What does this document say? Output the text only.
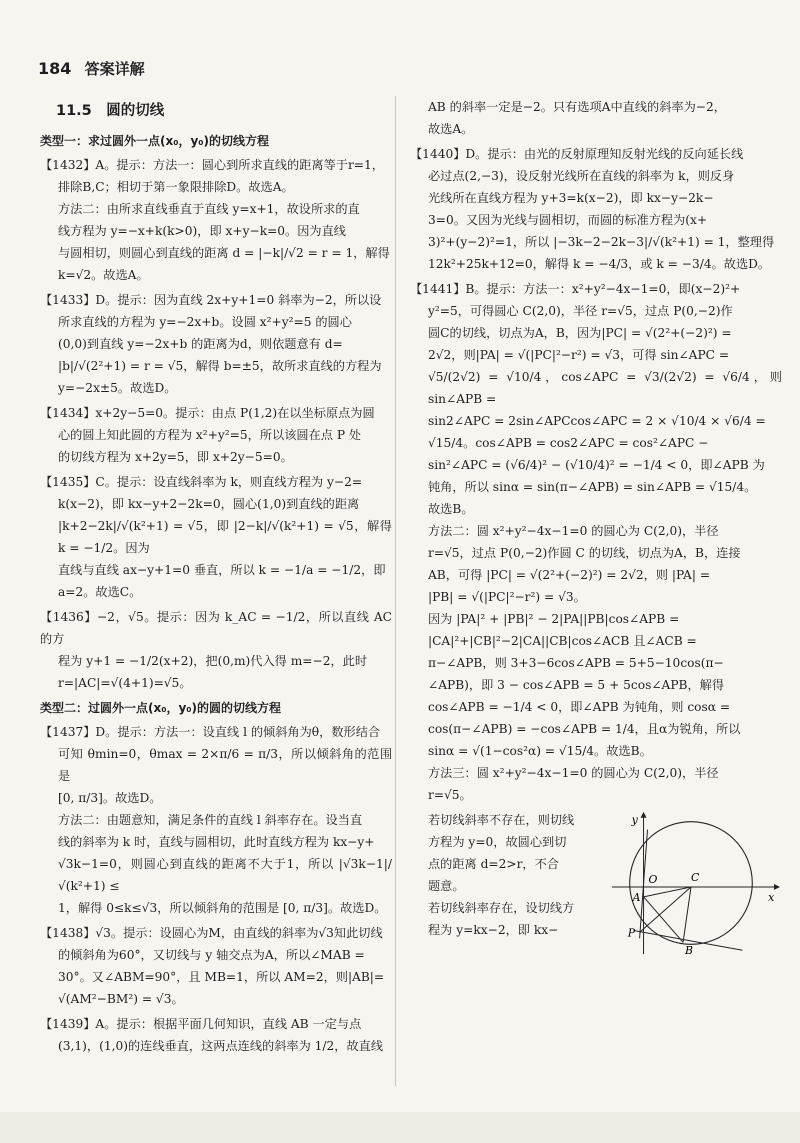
184 答案详解
11.5　圆的切线
类型一：求过圆外一点(x₀，y₀)的切线方程

【1432】A。提示：方法一：圆心到所求直线的距离等于r=1，

排除B,C；相切于第一象限排除D。故选A。

方法二：由所求直线垂直于直线 y=x+1，故设所求的直

线方程为 y=−x+k(k>0)，即 x+y−k=0。因为直线

与圆相切，则圆心到直线的距离 d = |−k|/√2 = r = 1，解得

k=√2。故选A。

【1433】D。提示：因为直线 2x+y+1=0 斜率为−2，所以设

所求直线的方程为 y=−2x+b。设圆 x²+y²=5 的圆心

(0,0)到直线 y=−2x+b 的距离为d，则依题意有 d=

|b|/√(2²+1) = r = √5，解得 b=±5，故所求直线的方程为

y=−2x±5。故选D。

【1434】x+2y−5=0。提示：由点 P(1,2)在以坐标原点为圆

心的圆上知此圆的方程为 x²+y²=5，所以该圆在点 P 处

的切线方程为 x+2y=5，即 x+2y−5=0。

【1435】C。提示：设直线斜率为 k，则直线方程为 y−2=

k(x−2)，即 kx−y+2−2k=0，圆心(1,0)到直线的距离

|k+2−2k|/√(k²+1) = √5，即 |2−k|/√(k²+1) = √5，解得 k = −1/2。因为

直线与直线 ax−y+1=0 垂直，所以 k = −1/a = −1/2，即

a=2。故选C。

【1436】−2，√5。提示：因为 k_AC = −1/2，所以直线 AC 的方

程为 y+1 = −1/2(x+2)，把(0,m)代入得 m=−2，此时

r=|AC|=√(4+1)=√5。

类型二：过圆外一点(x₀，y₀)的圆的切线方程

【1437】D。提示：方法一：设直线 l 的倾斜角为θ，数形结合

可知 θmin=0，θmax = 2×π/6 = π/3，所以倾斜角的范围是

[0, π/3]。故选D。

方法二：由题意知，满足条件的直线 l 斜率存在。设当直

线的斜率为 k 时，直线与圆相切，此时直线方程为 kx−y+

√3k−1=0，则圆心到直线的距离不大于1，所以 |√3k−1|/√(k²+1) ≤

1，解得 0≤k≤√3，所以倾斜角的范围是 [0, π/3]。故选D。

【1438】√3。提示：设圆心为M，由直线的斜率为√3知此切线

的倾斜角为60°，又切线与 y 轴交点为A，所以∠MAB =

30°。又∠ABM=90°，且 MB=1，所以 AM=2，则|AB|=

√(AM²−BM²) = √3。

【1439】A。提示：根据平面几何知识，直线 AB 一定与点

(3,1)，(1,0)的连线垂直，这两点连线的斜率为 1/2，故直线

AB 的斜率一定是−2。只有选项A中直线的斜率为−2，

故选A。

【1440】D。提示：由光的反射原理知反射光线的反向延长线

必过点(2,−3)，设反射光线所在直线的斜率为 k，则反身

光线所在直线方程为 y+3=k(x−2)，即 kx−y−2k−

3=0。又因为光线与圆相切，而圆的标准方程为(x+

3)²+(y−2)²=1，所以 |−3k−2−2k−3|/√(k²+1) = 1，整理得

12k²+25k+12=0，解得 k = −4/3，或 k = −3/4。故选D。

【1441】B。提示：方法一：x²+y²−4x−1=0，即(x−2)²+

y²=5，可得圆心 C(2,0)，半径 r=√5，过点 P(0,−2)作

圆C的切线，切点为A，B，因为|PC| = √(2²+(−2)²) =

2√2，则|PA| = √(|PC|²−r²) = √3，可得 sin∠APC =

√5/(2√2) = √10/4，cos∠APC = √3/(2√2) = √6/4，则 sin∠APB =

sin2∠APC = 2sin∠APCcos∠APC = 2 × √10/4 × √6/4 =

√15/4。cos∠APB = cos2∠APC = cos²∠APC −

sin²∠APC = (√6/4)² − (√10/4)² = −1/4 < 0，即∠APB 为

钝角，所以 sinα = sin(π−∠APB) = sin∠APB = √15/4。

故选B。

方法二：圆 x²+y²−4x−1=0 的圆心为 C(2,0)，半径

r=√5，过点 P(0,−2)作圆 C 的切线，切点为A，B，连接

AB，可得 |PC| = √(2²+(−2)²) = 2√2，则 |PA| =

|PB| = √(|PC|²−r²) = √3。

因为 |PA|² + |PB|² − 2|PA||PB|cos∠APB =

|CA|²+|CB|²−2|CA||CB|cos∠ACB 且∠ACB =

π−∠APB，则 3+3−6cos∠APB = 5+5−10cos(π−

∠APB)，即 3 − cos∠APB = 5 + 5cos∠APB，解得

cos∠APB = −1/4 < 0，即∠APB 为钝角，则 cosα =

cos(π−∠APB) = −cos∠APB = 1/4，且α为锐角，所以

sinα = √(1−cos²α) = √15/4。故选B。

方法三：圆 x²+y²−4x−1=0 的圆心为 C(2,0)，半径

r=√5。

若切线斜率不存在，则切线

方程为 y=0，故圆心到切

点的距离 d=2>r，不合

题意。

若切线斜率存在，设切线方

程为 y=kx−2，即 kx−

y
x
O
A
C
P
B
